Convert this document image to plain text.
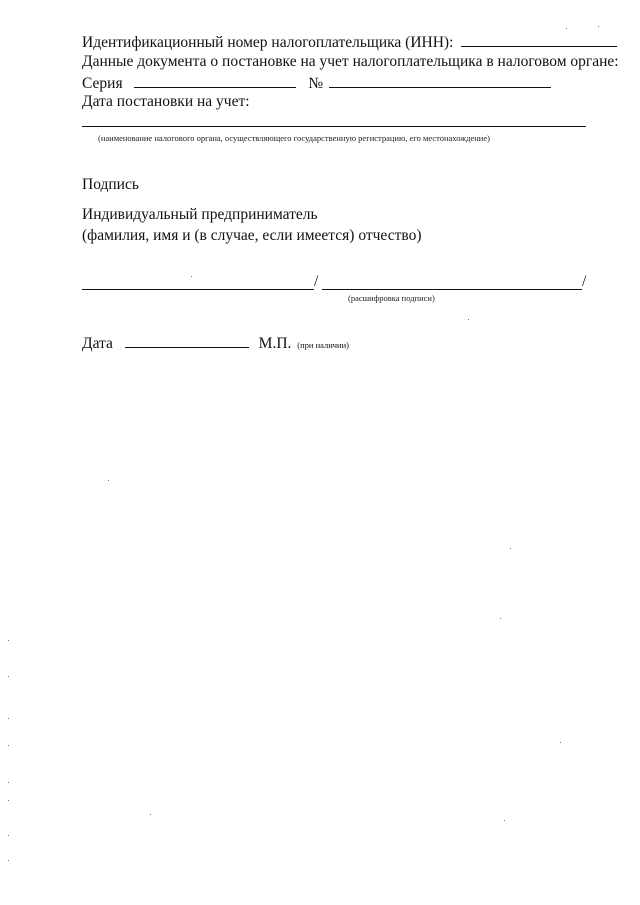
Идентификационный номер налогоплательщика (ИНН):
Данные документа о постановке на учет налогоплательщика в налоговом органе:
Серия	№
Дата постановки на учет:
(наименование налогового органа, осуществляющего государственную регистрацию, его местонахождение)
Подпись
Индивидуальный предприниматель
(фамилия, имя и (в случае, если имеется) отчество)
/	/
(расшифровка подписи)
Дата	М.П. (при наличии)
